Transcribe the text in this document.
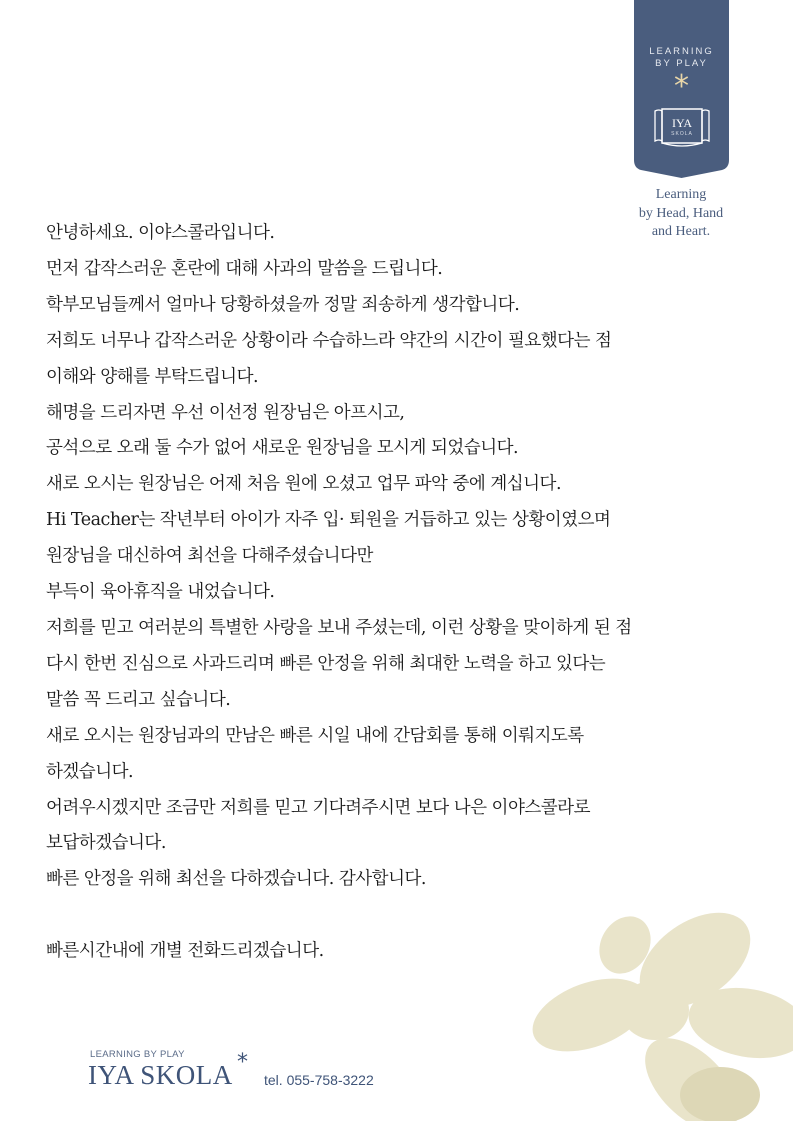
LEARNING
BY PLAY
*
IYA
SKOLA
Learning
by Head, Hand
and Heart.
안녕하세요. 이야스콜라입니다.
먼저 갑작스러운 혼란에 대해 사과의 말씀을 드립니다.
학부모님들께서 얼마나 당황하셨을까 정말 죄송하게 생각합니다.
저희도 너무나 갑작스러운 상황이라 수습하느라 약간의 시간이 필요했다는 점
이해와 양해를 부탁드립니다.
해명을 드리자면 우선 이선정 원장님은 아프시고,
공석으로 오래 둘 수가 없어 새로운 원장님을 모시게 되었습니다.
새로 오시는 원장님은 어제 처음 원에 오셨고 업무 파악 중에 계십니다.
Hi Teacher는 작년부터 아이가 자주 입· 퇴원을 거듭하고 있는 상황이였으며
원장님을 대신하여 최선을 다해주셨습니다만
부득이 육아휴직을 내었습니다.
저희를 믿고 여러분의 특별한 사랑을 보내 주셨는데, 이런 상황을 맞이하게 된 점
다시 한번 진심으로 사과드리며 빠른 안정을 위해 최대한 노력을 하고 있다는
말씀 꼭 드리고 싶습니다.
새로 오시는 원장님과의 만남은 빠른 시일 내에 간담회를 통해 이뤄지도록
하겠습니다.
어려우시겠지만 조금만 저희를 믿고 기다려주시면 보다 나은 이야스콜라로
보답하겠습니다.
빠른 안정을 위해 최선을 다하겠습니다. 감사합니다.
빠른시간내에 개별 전화드리겠습니다.
LEARNING BY PLAY
IYA SKOLA *
tel. 055-758-3222
